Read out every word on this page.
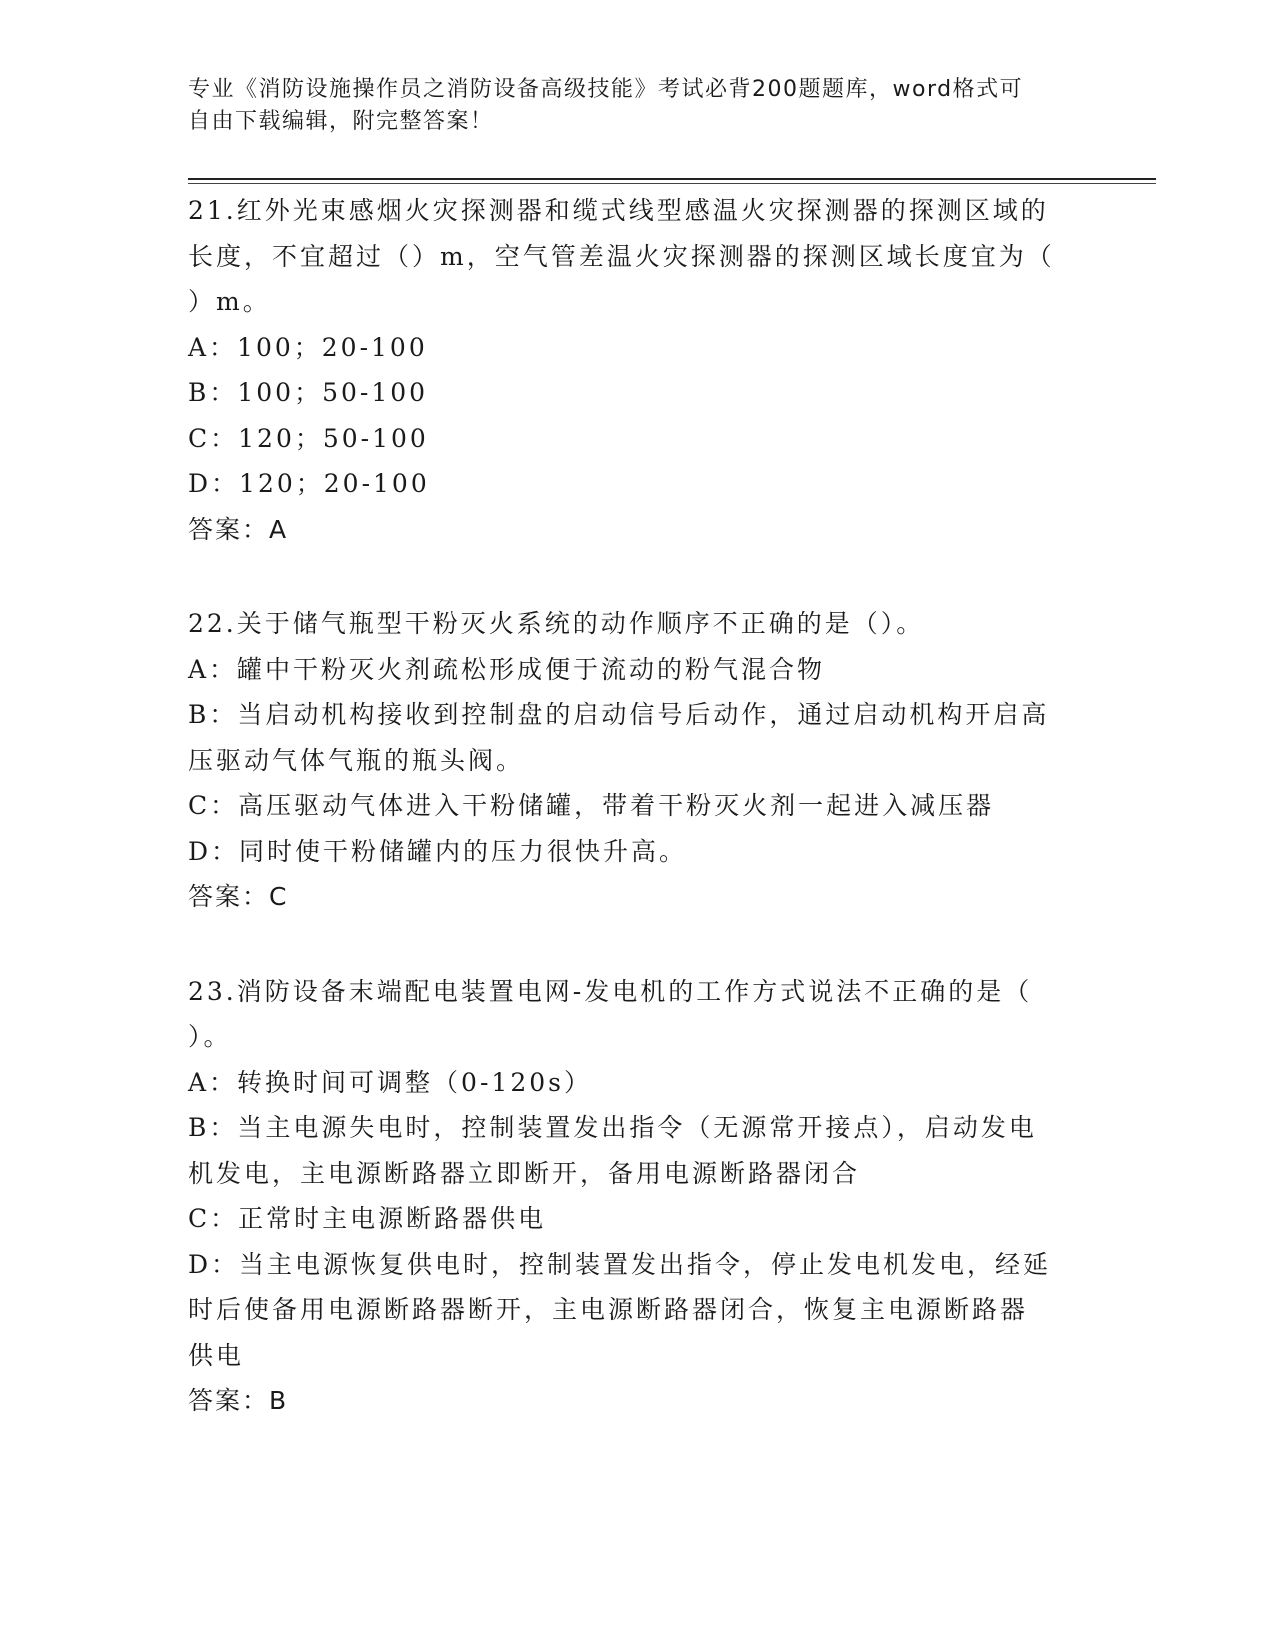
专业《消防设施操作员之消防设备高级技能》考试必背200题题库，word格式可
自由下载编辑，附完整答案！
21.红外光束感烟火灾探测器和缆式线型感温火灾探测器的探测区域的
长度，不宜超过（）m，空气管差温火灾探测器的探测区域长度宜为（
）m。
A：100；20-100
B：100；50-100
C：120；50-100
D：120；20-100
答案：A
22.关于储气瓶型干粉灭火系统的动作顺序不正确的是（）。
A：罐中干粉灭火剂疏松形成便于流动的粉气混合物
B：当启动机构接收到控制盘的启动信号后动作，通过启动机构开启高
压驱动气体气瓶的瓶头阀。
C：高压驱动气体进入干粉储罐，带着干粉灭火剂一起进入减压器
D：同时使干粉储罐内的压力很快升高。
答案：C
23.消防设备末端配电装置电网-发电机的工作方式说法不正确的是（
）。
A：转换时间可调整（0-120s）
B：当主电源失电时，控制装置发出指令（无源常开接点），启动发电
机发电，主电源断路器立即断开，备用电源断路器闭合
C：正常时主电源断路器供电
D：当主电源恢复供电时，控制装置发出指令，停止发电机发电，经延
时后使备用电源断路器断开，主电源断路器闭合，恢复主电源断路器
供电
答案：B
